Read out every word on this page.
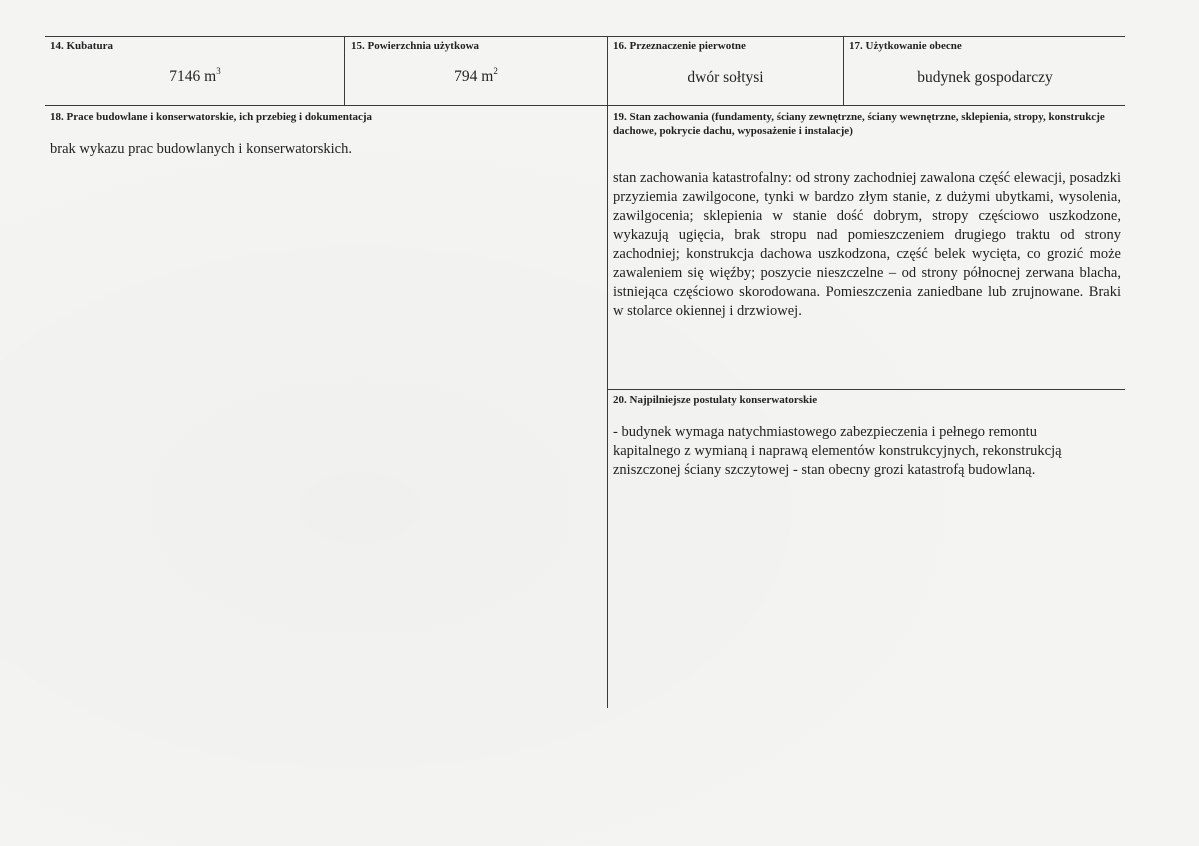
14. Kubatura
7146 $m^3$
15. Powierzchnia użytkowa
794 $m^2$
16. Przeznaczenie pierwotne
dwór sołtysi
17. Użytkowanie obecne
budynek gospodarczy
18. Prace budowlane i konserwatorskie, ich przebieg i dokumentacja
brak wykazu prac budowlanych i konserwatorskich.
19. Stan zachowania (fundamenty, ściany zewnętrzne, ściany wewnętrzne, sklepienia, stropy, konstrukcje dachowe, pokrycie dachu, wyposażenie i instalacje)
stan zachowania katastrofalny: od strony zachodniej zawalona część elewacji, posadzki przyziemia zawilgocone, tynki w bardzo złym stanie, z dużymi ubytkami, wysolenia, zawilgocenia; sklepienia w stanie dość dobrym, stropy częściowo uszkodzone, wykazują ugięcia, brak stropu nad pomieszczeniem drugiego traktu od strony zachodniej; konstrukcja dachowa uszkodzona, część belek wycięta, co grozić może zawaleniem się więźby; poszycie nieszczelne – od strony północnej zerwana blacha, istniejąca częściowo skorodowana. Pomieszczenia zaniedbane lub zrujnowane. Braki w stolarce okiennej i drzwiowej.
20. Najpilniejsze postulaty konserwatorskie
- budynek wymaga natychmiastowego zabezpieczenia i pełnego remontu kapitalnego z wymianą i naprawą elementów konstrukcyjnych, rekonstrukcją zniszczonej ściany szczytowej - stan obecny grozi katastrofą budowlaną.
